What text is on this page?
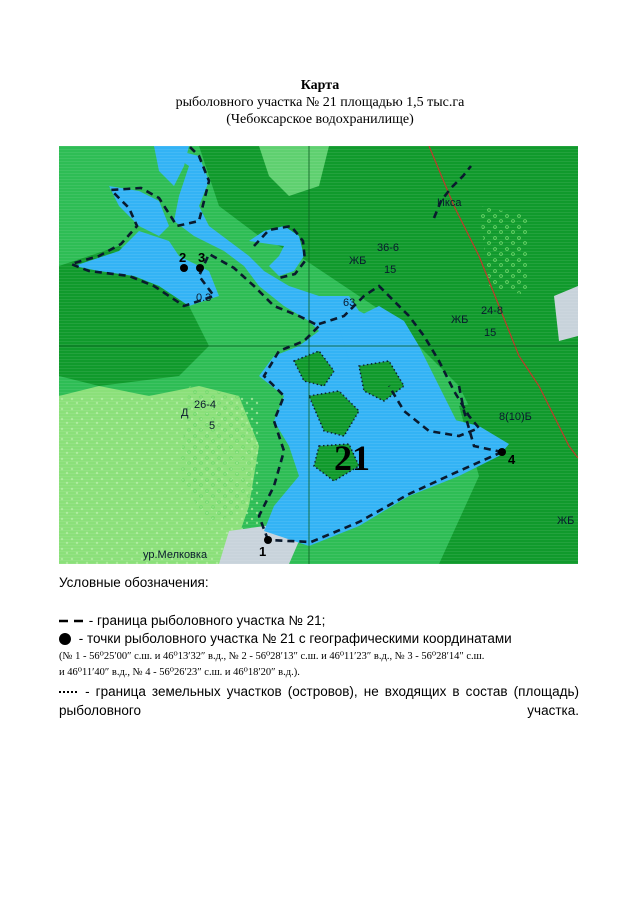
Карта
рыболовного участка № 21 площадью 1,5 тыс.га
(Чебоксарское водохранилище)
1
2 3
4
21
Икса
ЖБ
36-6
15
63
ЖБ
24-8
15
0.3
Д
26-4
5
8(10)Б
ЖБ
ур.Мелковка
Условные обозначения:
- граница рыболовного участка № 21;
- точки рыболовного участка № 21 с географическими координатами
(№ 1 - 56⁰25′00″ с.ш. и 46⁰13′32″ в.д., № 2 - 56⁰28′13″ с.ш. и 46⁰11′23″ в.д., № 3 - 56⁰28′14″ с.ш.
и 46⁰11′40″ в.д., № 4 - 56⁰26′23″ с.ш. и 46⁰18′20″ в.д.).
- граница земельных участков (островов), не входящих в состав (площадь) рыболовного участка.
